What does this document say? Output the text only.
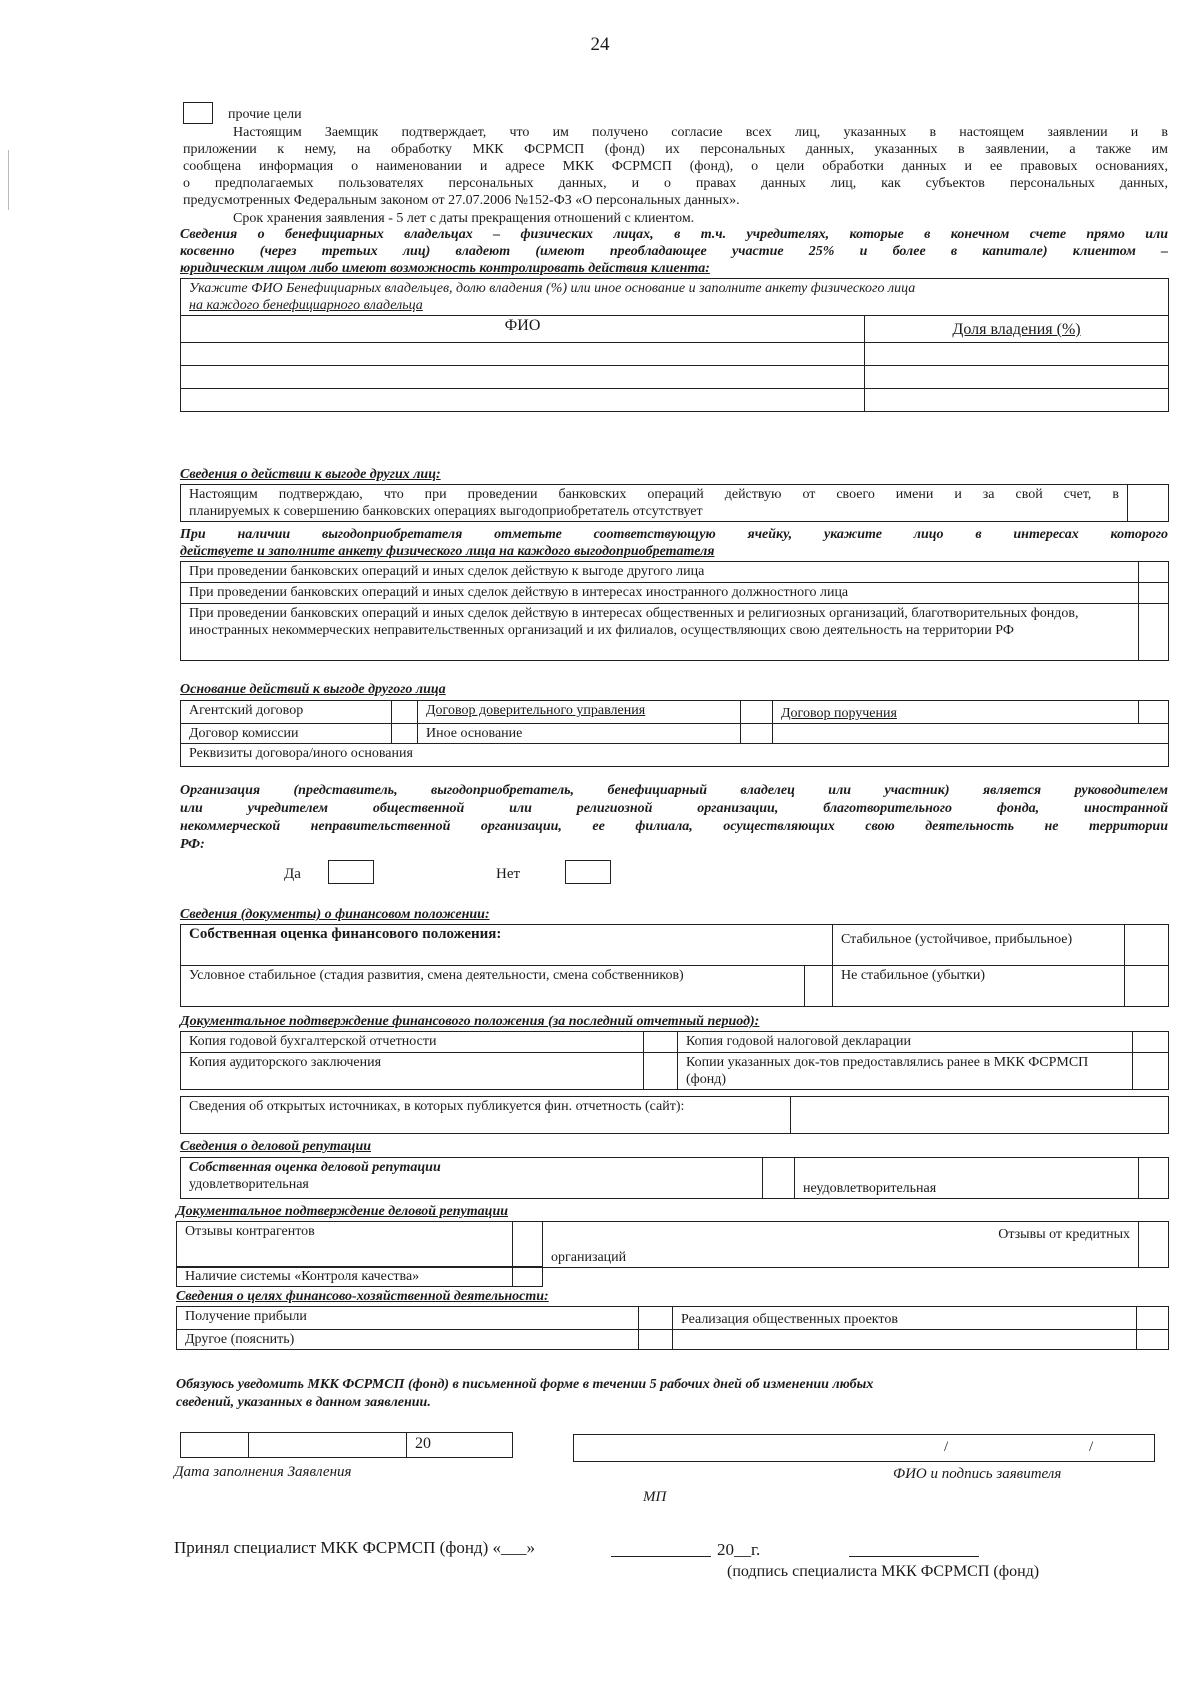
24
прочие цели
Настоящим Заемщик подтверждает, что им получено согласие всех лиц, указанных в настоящем заявлении и в
приложении к нему, на обработку МКК ФСРМСП (фонд) их персональных данных, указанных в заявлении, а также им
сообщена информация о наименовании и адресе МКК ФСРМСП (фонд), о цели обработки данных и ее правовых основаниях,
о предполагаемых пользователях персональных данных, и о правах данных лиц, как субъектов персональных данных,
предусмотренных Федеральным законом от 27.07.2006 №152-ФЗ «О персональных данных».
Срок хранения заявления - 5 лет с даты прекращения отношений с клиентом.
Сведения о бенефициарных владельцах – физических лицах, в т.ч. учредителях, которые в конечном счете прямо или
косвенно (через третьих лиц) владеют (имеют преобладающее участие 25% и более в капитале) клиентом –
юридическим лицом либо имеют возможность контролировать действия клиента:
Укажите ФИО Бенефициарных владельцев, долю владения (%) или иное основание и заполните анкету физического лица
на каждого бенефициарного владельца	

ФИО	Доля владения (%)

Сведения о действии к выгоде других лиц:
Настоящим подтверждаю, что при проведении банковских операций действую от своего имени и за свой счет, в
планируемых к совершению банковских операциях выгодоприобретатель отсутствует

При наличии выгодоприобретателя отметьте соответствующую ячейку, укажите лицо в интересах которого
действуете и заполните анкету физического лица на каждого выгодоприобретателя
При проведении банковских операций и иных сделок действую к выгоде другого лица	
При проведении банковских операций и иных сделок действую в интересах иностранного должностного лица	
При проведении банковских операций и иных сделок действую в интересах общественных и религиозных организаций, благотворительных фондов, иностранных некоммерческих неправительственных организаций и их филиалов, осуществляющих свою деятельность на территории РФ	
Основание действий к выгоде другого лица
Агентский договор		Договор доверительного управления		Договор поручения	
Договор комиссии		Иное основание			
Реквизиты договора/иного основания					
Организация (представитель, выгодоприобретатель, бенефициарный владелец или участник) является руководителем
или учредителем общественной или религиозной организации, благотворительного фонда, иностранной
некоммерческой неправительственной организации, ее филиала, осуществляющих свою деятельность не территории
РФ:
Да	Нет
Сведения (документы) о финансовом положении:
Собственная оценка финансового положения:		Стабильное (устойчивое, прибыльное)	
Условное стабильное (стадия развития, смена деятельности, смена собственников)		Не стабильное (убытки)	
Документальное подтверждение финансового положения (за последний отчетный период):
Копия годовой бухгалтерской отчетности		Копия годовой налоговой декларации	
Копия аудиторского заключения		Копии указанных док-тов предоставлялись ранее в МКК ФСРМСП (фонд)	
Сведения об открытых источниках, в которых публикуется фин. отчетность (сайт):	
Сведения о деловой репутации
Собственная оценка деловой репутации
удовлетворительная		неудовлетворительная	
Документальное подтверждение деловой репутации
Отзывы контрагентов		Отзывы от кредитных
организаций

Наличие системы «Контроля качества»	
Сведения о целях финансово-хозяйственной деятельности:
Получение прибыли		Реализация общественных проектов	
Другое (пояснить)			
Обязуюсь уведомить МКК ФСРМСП (фонд) в письменной форме в течении 5 рабочих дней об изменении любых
сведений, указанных в данном заявлении.
		20	/	/
Дата заполнения Заявления	ФИО и подпись заявителя
МП
Принял специалист МКК ФСРМСП (фонд) «___»	20__г.
(подпись специалиста МКК ФСРМСП (фонд)
